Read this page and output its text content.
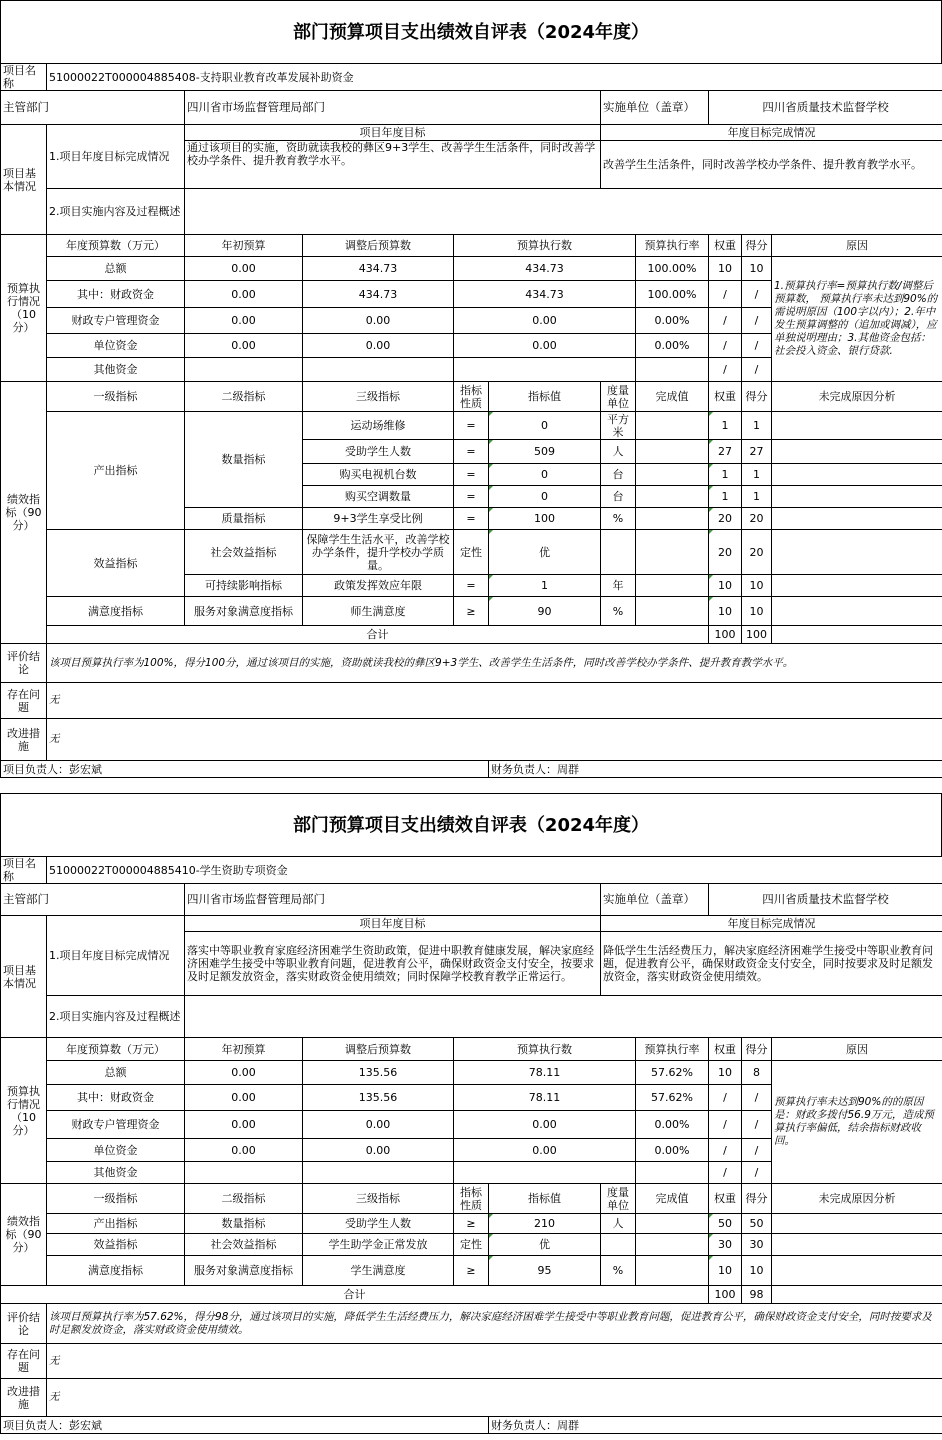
部门预算项目支出绩效自评表（2024年度）
项目名称	51000022T000004885408-支持职业教育改革发展补助资金									
主管部门		四川省市场监督管理局部门				实施单位（盖章）		四川省质量技术监督学校		
项目基本情况	1.项目年度目标完成情况	项目年度目标				年度目标完成情况				
		通过该项目的实施，资助就读我校的彝区9+3学生、改善学生生活条件，同时改善学校办学条件、提升教育教学水平。				改善学生生活条件，同时改善学校办学条件、提升教育教学水平。				
	2.项目实施内容及过程概述									
预算执行情况（10分）	年度预算数（万元）	年初预算	调整后预算数	预算执行数			预算执行率	权重	得分	原因
	总额	0.00	434.73	434.73			100.00%	10	10	1.预算执行率=预算执行数/调整后预算数， 预算执行率未达到90%的需说明原因（100字以内）；2.年中发生预算调整的（追加或调减），应单独说明理由；3.其他资金包括：社会投入资金、银行贷款.
	其中：财政资金	0.00	434.73	434.73			100.00%	/	/	
	财政专户管理资金	0.00	0.00	0.00			0.00%	/	/	
	单位资金	0.00	0.00	0.00			0.00%	/	/	
	其他资金							/	/	
绩效指标（90分）	一级指标	二级指标	三级指标	指标性质	指标值	度量单位	完成值	权重	得分	未完成原因分析
	产出指标	数量指标	运动场维修	=	0	平方米		1	1	
			受助学生人数	=	509	人		27	27	
			购买电视机台数	=	0	台		1	1	
			购买空调数量	=	0	台		1	1	
		质量指标	9+3学生享受比例	=	100	%		20	20	
	效益指标	社会效益指标	保障学生生活水平，改善学校办学条件，提升学校办学质量。	定性	优			20	20	
		可持续影响指标	政策发挥效应年限	=	1	年		10	10	
	满意度指标	服务对象满意度指标	师生满意度	≥	90	%		10	10	
	合计							100	100	
评价结论	该项目预算执行率为100%，得分100分，通过该项目的实施，资助就读我校的彝区9+3学生、改善学生生活条件，同时改善学校办学条件、提升教育教学水平。									
存在问题	无									
改进措施	无									
项目负责人：彭宏斌					财务负责人：周群					
部门预算项目支出绩效自评表（2024年度）
项目名称	51000022T000004885410-学生资助专项资金									
主管部门		四川省市场监督管理局部门				实施单位（盖章）		四川省质量技术监督学校		
项目基本情况	1.项目年度目标完成情况	项目年度目标				年度目标完成情况				
		落实中等职业教育家庭经济困难学生资助政策，促进中职教育健康发展，解决家庭经济困难学生接受中等职业教育问题，促进教育公平，确保财政资金支付安全，按要求及时足额发放资金，落实财政资金使用绩效；同时保障学校教育教学正常运行。				降低学生生活经费压力，解决家庭经济困难学生接受中等职业教育问题，促进教育公平，确保财政资金支付安全，同时按要求及时足额发放资金，落实财政资金使用绩效。				
	2.项目实施内容及过程概述									
预算执行情况（10分）	年度预算数（万元）	年初预算	调整后预算数	预算执行数			预算执行率	权重	得分	原因
	总额	0.00	135.56	78.11			57.62%	10	8	预算执行率未达到90%的的原因是：财政多拨付56.9万元，造成预算执行率偏低，结余指标财政收回。
	其中：财政资金	0.00	135.56	78.11			57.62%	/	/	
	财政专户管理资金	0.00	0.00	0.00			0.00%	/	/	
	单位资金	0.00	0.00	0.00			0.00%	/	/	
	其他资金							/	/	
绩效指标（90分）	一级指标	二级指标	三级指标	指标性质	指标值	度量单位	完成值	权重	得分	未完成原因分析
	产出指标	数量指标	受助学生人数	≥	210	人		50	50	
	效益指标	社会效益指标	学生助学金正常发放	定性	优			30	30	
	满意度指标	服务对象满意度指标	学生满意度	≥	95	%		10	10	
合计								100	98	
评价结论	该项目预算执行率为57.62%，得分98分，通过该项目的实施，降低学生生活经费压力，解决家庭经济困难学生接受中等职业教育问题，促进教育公平，确保财政资金支付安全，同时按要求及时足额发放资金，落实财政资金使用绩效。									
存在问题	无									
改进措施	无									
项目负责人：彭宏斌					财务负责人：周群					
